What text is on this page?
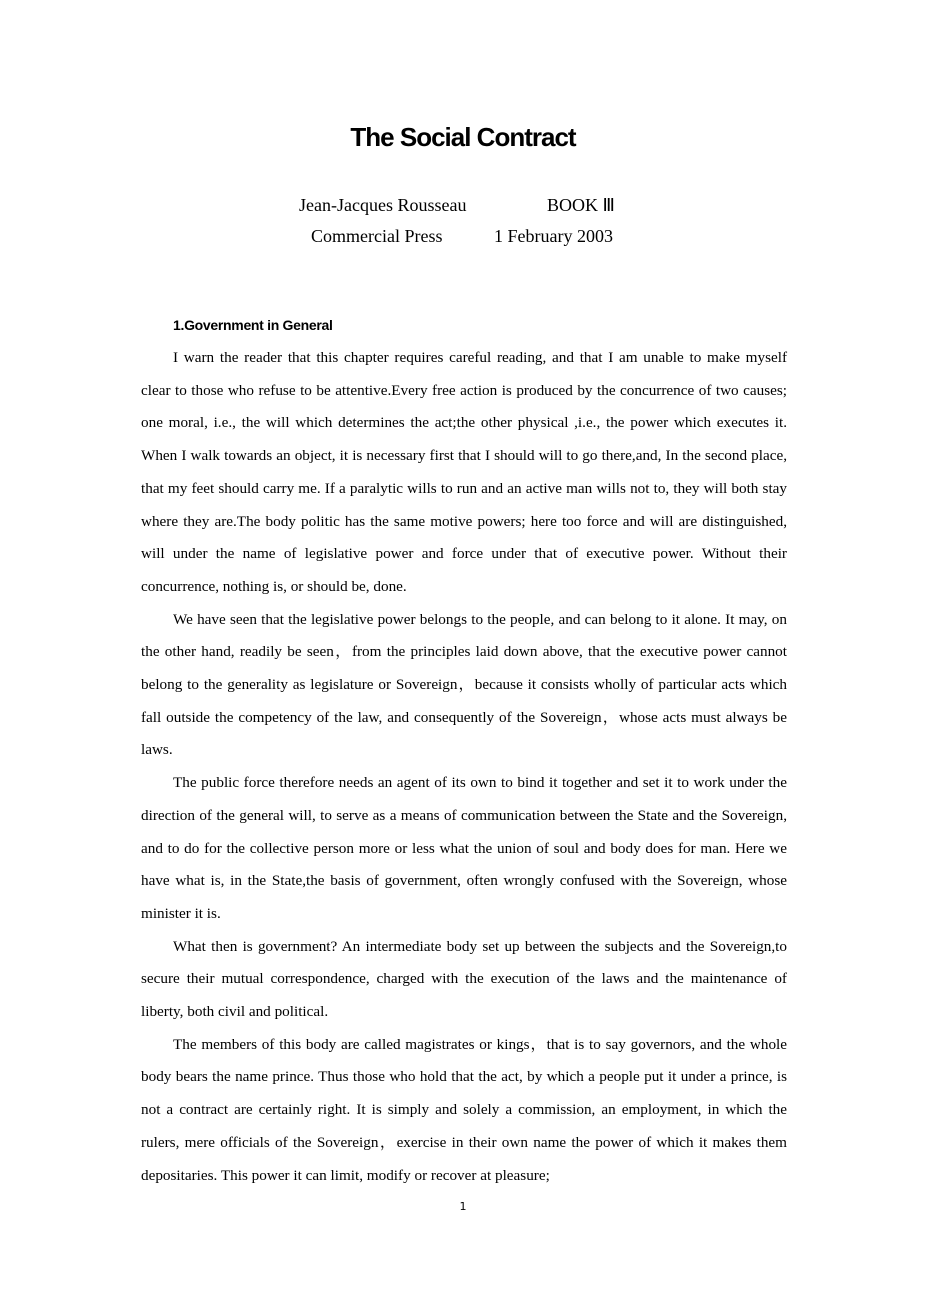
The Social Contract
Jean-Jacques Rousseau	BOOK Ⅲ
Commercial Press	1 February 2003
1.Government in General

I warn the reader that this chapter requires careful reading, and that I am unable to make myself clear to those who refuse to be attentive.Every free action is produced by the concurrence of two causes; one moral, i.e., the will which determines the act;the other physical ,i.e., the power which executes it. When I walk towards an object, it is necessary first that I should will to go there,and, In the second place, that my feet should carry me. If a paralytic wills to run and an active man wills not to, they will both stay where they are.The body politic has the same motive powers; here too force and will are distinguished, will under the name of legislative power and force under that of executive power. Without their concurrence, nothing is, or should be, done.

We have seen that the legislative power belongs to the people, and can belong to it alone. It may, on the other hand, readily be seen，from the principles laid down above, that the executive power cannot belong to the generality as legislature or Sovereign，because it consists wholly of particular acts which fall outside the competency of the law, and consequently of the Sovereign，whose acts must always be laws.

The public force therefore needs an agent of its own to bind it together and set it to work under the direction of the general will, to serve as a means of communication between the State and the Sovereign, and to do for the collective person more or less what the union of soul and body does for man. Here we have what is, in the State,the basis of government, often wrongly confused with the Sovereign, whose minister it is.

What then is government? An intermediate body set up between the subjects and the Sovereign,to secure their mutual correspondence, charged with the execution of the laws and the maintenance of liberty, both civil and political.

The members of this body are called magistrates or kings，that is to say governors, and the whole body bears the name prince. Thus those who hold that the act, by which a people put it under a prince, is not a contract are certainly right. It is simply and solely a commission, an employment, in which the rulers, mere officials of the Sovereign，exercise in their own name the power of which it makes them depositaries. This power it can limit, modify or recover at pleasure;

1
